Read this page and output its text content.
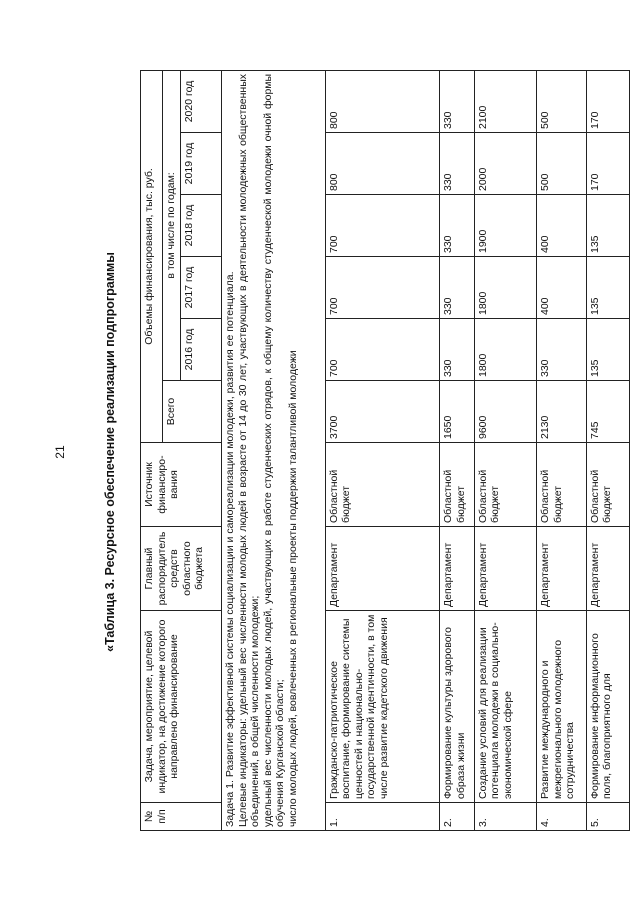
21	«Таблица 3. Ресурсное обеспечение реализации подпрограммы
№ п/п	Задача, мероприятие, целевой индикатор, на достижение которого направлено финансирование	Главный распорядитель средств областного бюджета	Источник финансиро-вания	Объемы финансирования, тыс. руб.					
				Всего	в том числе по годам:				
					2016 год	2017 год	2018 год	2019 год	2020 год

Задача 1. Развитие эффективной системы социализации и самореализации молодежи, развития ее потенциала. Целевые индикаторы: удельный вес численности молодых людей в возрасте от 14 до 30 лет, участвующих в деятельности молодежных общественных объединений, в общей численности молодежи; удельный вес численности молодых людей, участвующих в работе студенческих отрядов, к общему количеству студенческой молодежи очной формы обучения Курганской области; число молодых людей, вовлеченных в региональные проекты поддержки талантливой молодежи									

1.	Гражданско-патриотическое воспитание, формирование системы ценностей и национально-государственной идентичности, в том числе развитие кадетского движения	Департамент	Областной бюджет	3700	700	700	700	800	800
2.	Формирование культуры здорового образа жизни	Департамент	Областной бюджет	1650	330	330	330	330	330
3.	Создание условий для реализации потенциала молодежи в социально-экономической сфере	Департамент	Областной бюджет	9600	1800	1800	1900	2000	2100
4.	Развитие международного и межрегионального молодежного сотрудничества	Департамент	Областной бюджет	2130	330	400	400	500	500
5.	Формирование информационного поля, благоприятного для	Департамент	Областной бюджет	745	135	135	135	170	170
